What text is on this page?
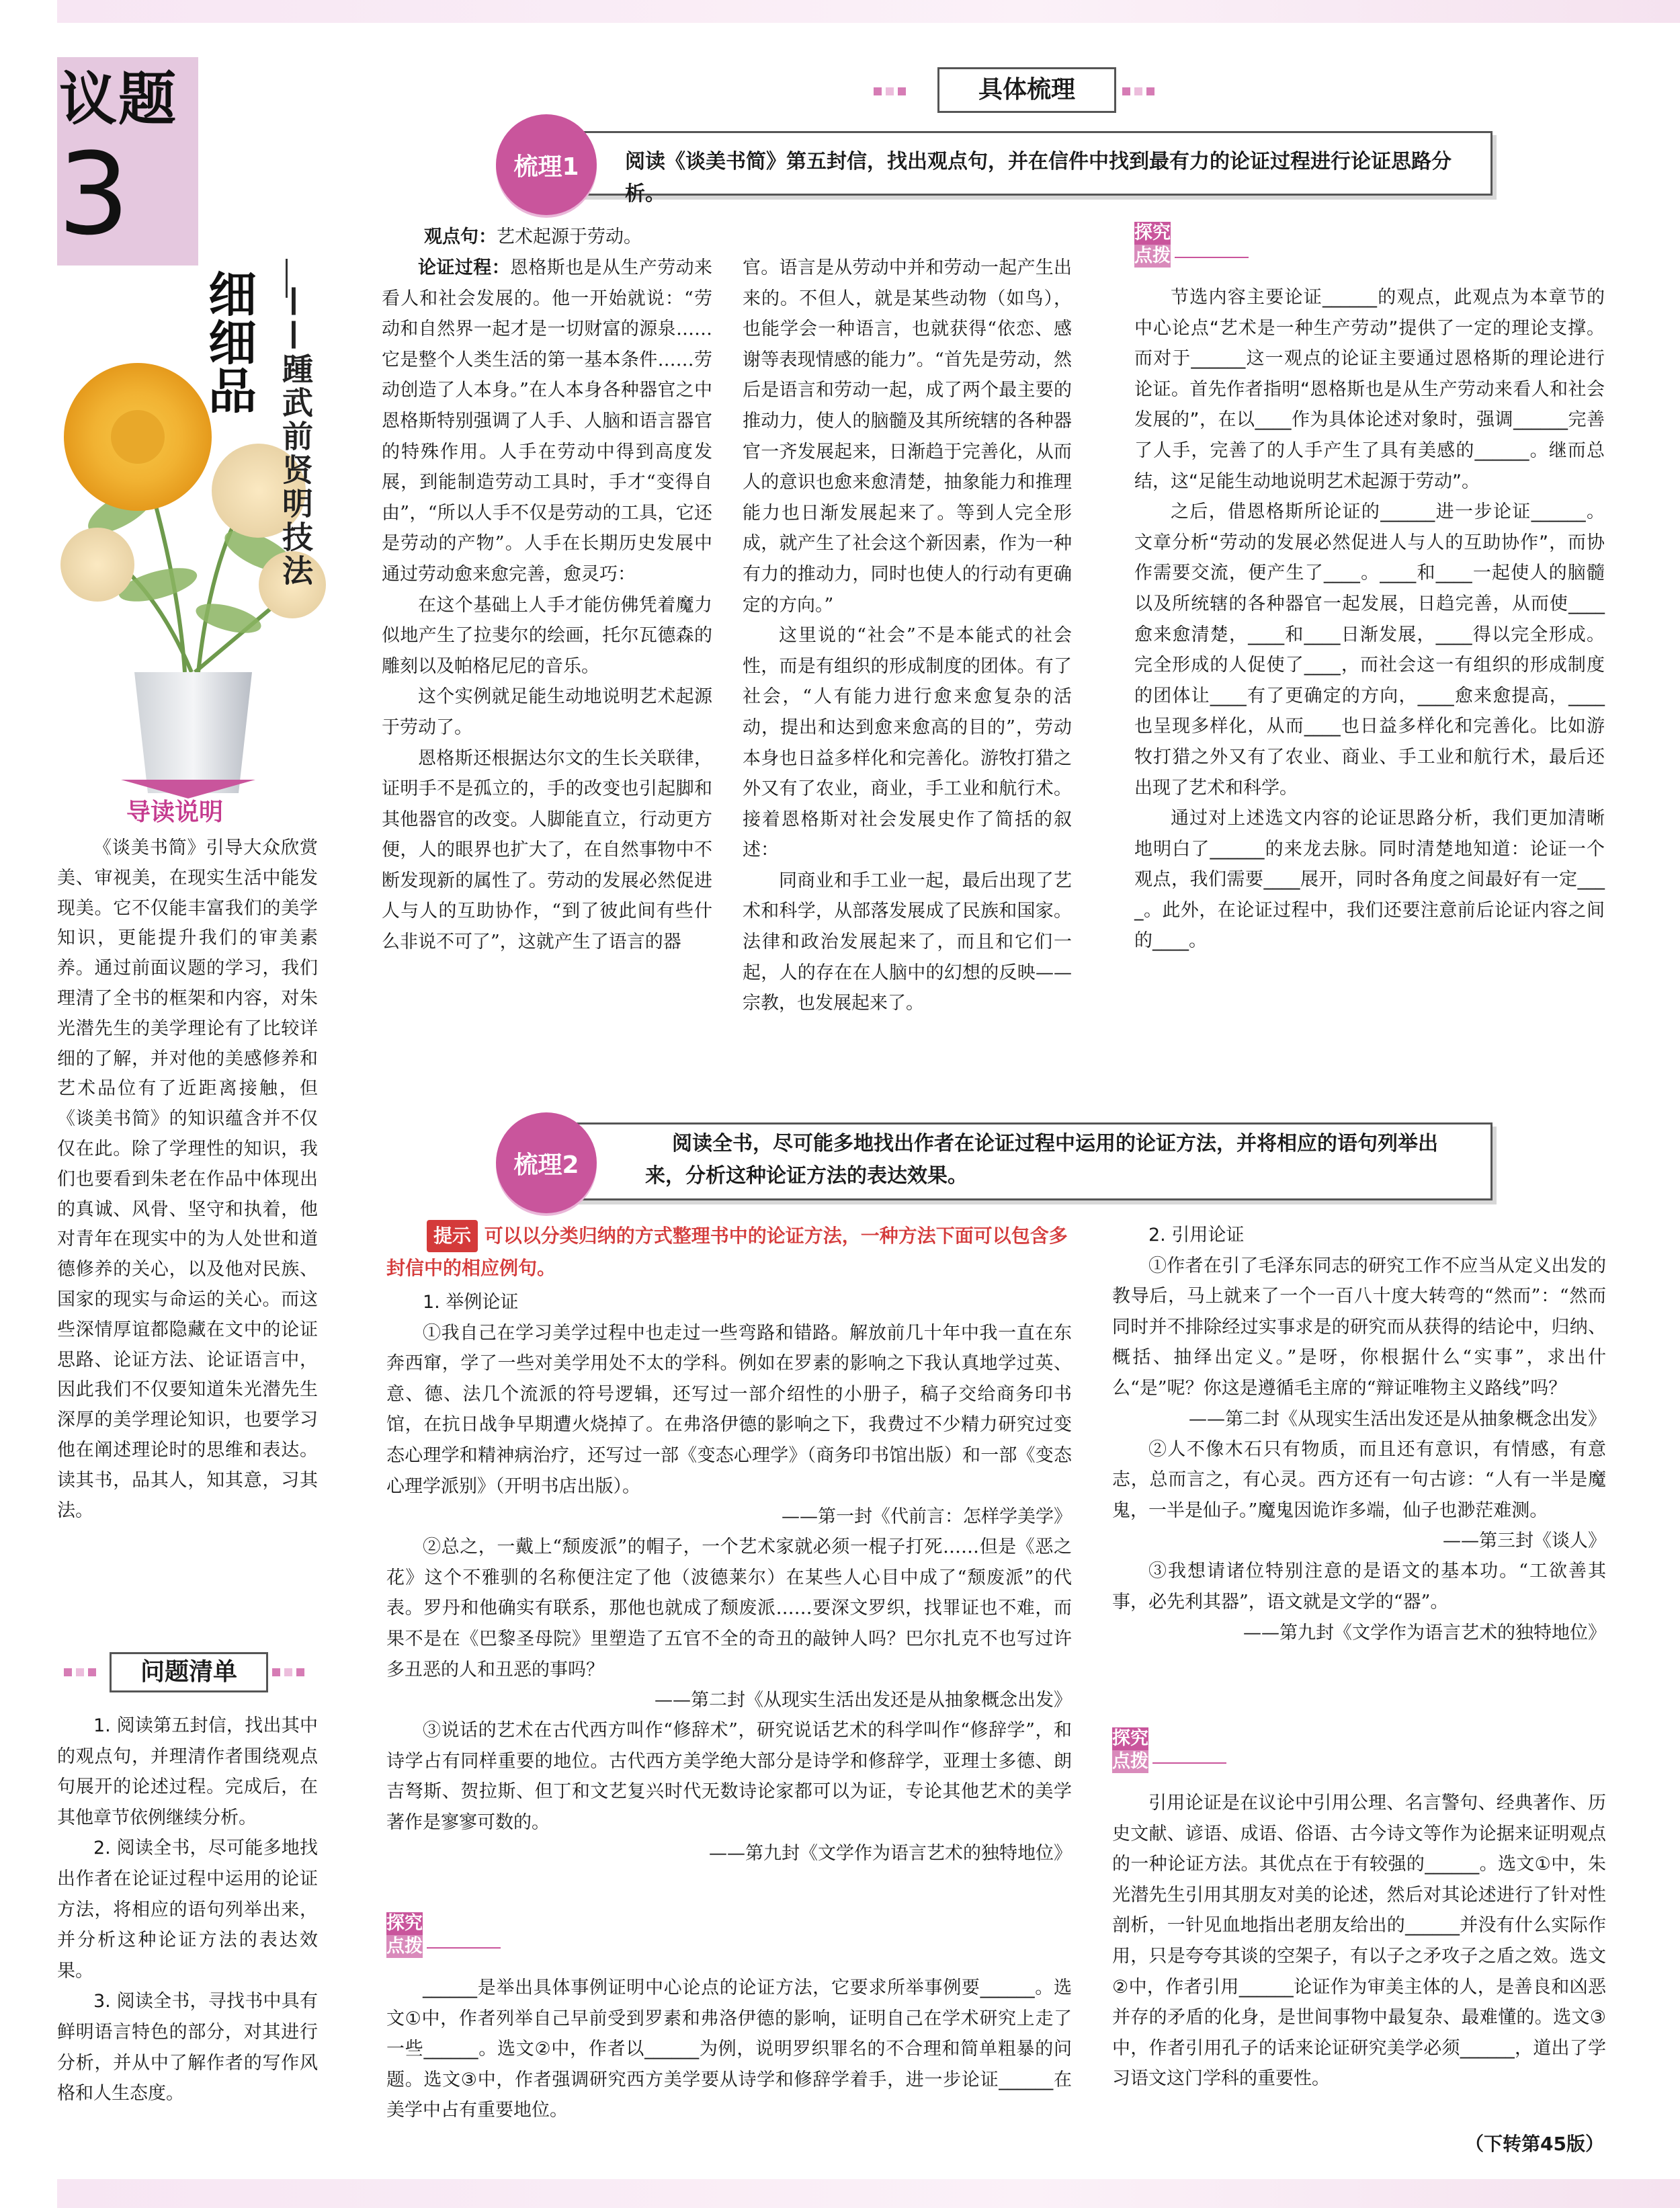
议题
3
细细品 ——踵武前贤明技法
导读说明

《谈美书简》引导大众欣赏美、审视美，在现实生活中能发现美。它不仅能丰富我们的美学知识，更能提升我们的审美素养。通过前面议题的学习，我们理清了全书的框架和内容，对朱光潜先生的美学理论有了比较详细的了解，并对他的美感修养和艺术品位有了近距离接触，但《谈美书简》的知识蕴含并不仅仅在此。除了学理性的知识，我们也要看到朱老在作品中体现出的真诚、风骨、坚守和执着，他对青年在现实中的为人处世和道德修养的关心，以及他对民族、国家的现实与命运的关心。而这些深情厚谊都隐藏在文中的论证思路、论证方法、论证语言中，因此我们不仅要知道朱光潜先生深厚的美学理论知识，也要学习他在阐述理论时的思维和表达。读其书，品其人，知其意，习其法。

问题清单

1. 阅读第五封信，找出其中的观点句，并理清作者围绕观点句展开的论述过程。完成后，在其他章节依例继续分析。

2. 阅读全书，尽可能多地找出作者在论证过程中运用的论证方法，将相应的语句列举出来，并分析这种论证方法的表达效果。

3. 阅读全书，寻找书中具有鲜明语言特色的部分，对其进行分析，并从中了解作者的写作风格和人生态度。

具体梳理
梳理1	阅读《谈美书简》第五封信，找出观点句，并在信件中找到最有力的论证过程进行论证思路分析。

观点句：艺术起源于劳动。

论证过程：恩格斯也是从生产劳动来看人和社会发展的。他一开始就说：“劳动和自然界一起才是一切财富的源泉……它是整个人类生活的第一基本条件……劳动创造了人本身。”在人本身各种器官之中恩格斯特别强调了人手、人脑和语言器官的特殊作用。人手在劳动中得到高度发展，到能制造劳动工具时，手才“变得自由”，“所以人手不仅是劳动的工具，它还是劳动的产物”。人手在长期历史发展中通过劳动愈来愈完善，愈灵巧：

在这个基础上人手才能仿佛凭着魔力似地产生了拉斐尔的绘画，托尔瓦德森的雕刻以及帕格尼尼的音乐。

这个实例就足能生动地说明艺术起源于劳动了。

恩格斯还根据达尔文的生长关联律，证明手不是孤立的，手的改变也引起脚和其他器官的改变。人脚能直立，行动更方便，人的眼界也扩大了，在自然事物中不断发现新的属性了。劳动的发展必然促进人与人的互助协作，“到了彼此间有些什么非说不可了”，这就产生了语言的器

官。语言是从劳动中并和劳动一起产生出来的。不但人，就是某些动物（如鸟），也能学会一种语言，也就获得“依恋、感谢等表现情感的能力”。“首先是劳动，然后是语言和劳动一起，成了两个最主要的推动力，使人的脑髓及其所统辖的各种器官一齐发展起来，日渐趋于完善化，从而人的意识也愈来愈清楚，抽象能力和推理能力也日渐发展起来了。等到人完全形成，就产生了社会这个新因素，作为一种有力的推动力，同时也使人的行动有更确定的方向。”

这里说的“社会”不是本能式的社会性，而是有组织的形成制度的团体。有了社会，“人有能力进行愈来愈复杂的活动，提出和达到愈来愈高的目的”，劳动本身也日益多样化和完善化。游牧打猎之外又有了农业，商业，手工业和航行术。接着恩格斯对社会发展史作了简括的叙述：

同商业和手工业一起，最后出现了艺术和科学，从部落发展成了民族和国家。法律和政治发展起来了，而且和它们一起，人的存在在人脑中的幻想的反映——宗教，也发展起来了。

探究
点拨

节选内容主要论证______的观点，此观点为本章节的中心论点“艺术是一种生产劳动”提供了一定的理论支撑。而对于______这一观点的论证主要通过恩格斯的理论进行论证。首先作者指明“恩格斯也是从生产劳动来看人和社会发展的”，在以____作为具体论述对象时，强调______完善了人手，完善了的人手产生了具有美感的______。继而总结，这“足能生动地说明艺术起源于劳动”。

之后，借恩格斯所论证的______进一步论证______。文章分析“劳动的发展必然促进人与人的互助协作”，而协作需要交流，便产生了____。____和____一起使人的脑髓以及所统辖的各种器官一起发展，日趋完善，从而使____愈来愈清楚，____和____日渐发展，____得以完全形成。完全形成的人促使了____，而社会这一有组织的形成制度的团体让____有了更确定的方向，____愈来愈提高，____也呈现多样化，从而____也日益多样化和完善化。比如游牧打猎之外又有了农业、商业、手工业和航行术，最后还出现了艺术和科学。

通过对上述选文内容的论证思路分析，我们更加清晰地明白了______的来龙去脉。同时清楚地知道：论证一个观点，我们需要____展开，同时各角度之间最好有一定____。此外，在论证过程中，我们还要注意前后论证内容之间的____。

梳理2
阅读全书，尽可能多地找出作者在论证过程中运用的论证方法，并将相应的语句列举出
来，分析这种论证方法的表达效果。
提示 可以以分类归纳的方式整理书中的论证方法，一种方法下面可以包含多封信中的相应例句。

1. 举例论证

①我自己在学习美学过程中也走过一些弯路和错路。解放前几十年中我一直在东奔西窜，学了一些对美学用处不太的学科。例如在罗素的影响之下我认真地学过英、意、德、法几个流派的符号逻辑，还写过一部介绍性的小册子，稿子交给商务印书馆，在抗日战争早期遭火烧掉了。在弗洛伊德的影响之下，我费过不少精力研究过变态心理学和精神病治疗，还写过一部《变态心理学》（商务印书馆出版）和一部《变态心理学派别》（开明书店出版）。

——第一封《代前言：怎样学美学》

②总之，一戴上“颓废派”的帽子，一个艺术家就必须一棍子打死……但是《恶之花》这个不雅驯的名称便注定了他（波德莱尔）在某些人心目中成了“颓废派”的代表。罗丹和他确实有联系，那他也就成了颓废派……要深文罗织，找罪证也不难，而果不是在《巴黎圣母院》里塑造了五官不全的奇丑的敲钟人吗？巴尔扎克不也写过许多丑恶的人和丑恶的事吗？

——第二封《从现实生活出发还是从抽象概念出发》

③说话的艺术在古代西方叫作“修辞术”，研究说话艺术的科学叫作“修辞学”，和诗学占有同样重要的地位。古代西方美学绝大部分是诗学和修辞学，亚理士多德、朗吉弩斯、贺拉斯、但丁和文艺复兴时代无数诗论家都可以为证，专论其他艺术的美学著作是寥寥可数的。

——第九封《文学作为语言艺术的独特地位》
探究
点拨

______是举出具体事例证明中心论点的论证方法，它要求所举事例要______。选文①中，作者列举自己早前受到罗素和弗洛伊德的影响，证明自己在学术研究上走了一些______。选文②中，作者以______为例，说明罗织罪名的不合理和简单粗暴的问题。选文③中，作者强调研究西方美学要从诗学和修辞学着手，进一步论证______在美学中占有重要地位。

2. 引用论证

①作者在引了毛泽东同志的研究工作不应当从定义出发的教导后，马上就来了一个一百八十度大转弯的“然而”：“然而同时并不排除经过实事求是的研究而从获得的结论中，归纳、概括、抽绎出定义。”是呀，你根据什么“实事”，求出什么“是”呢？你这是遵循毛主席的“辩证唯物主义路线”吗？

——第二封《从现实生活出发还是从抽象概念出发》

②人不像木石只有物质，而且还有意识，有情感，有意志，总而言之，有心灵。西方还有一句古谚：“人有一半是魔鬼，一半是仙子。”魔鬼因诡诈多端，仙子也渺茫难测。

——第三封《谈人》

③我想请诸位特别注意的是语文的基本功。“工欲善其事，必先利其器”，语文就是文学的“器”。

——第九封《文学作为语言艺术的独特地位》
探究
点拨

引用论证是在议论中引用公理、名言警句、经典著作、历史文献、谚语、成语、俗语、古今诗文等作为论据来证明观点的一种论证方法。其优点在于有较强的______。选文①中，朱光潜先生引用其朋友对美的论述，然后对其论述进行了针对性剖析，一针见血地指出老朋友给出的______并没有什么实际作用，只是夸夸其谈的空架子，有以子之矛攻子之盾之效。选文②中，作者引用______论证作为审美主体的人，是善良和凶恶并存的矛盾的化身，是世间事物中最复杂、最难懂的。选文③中，作者引用孔子的话来论证研究美学必须______，道出了学习语文这门学科的重要性。

（下转第45版）
